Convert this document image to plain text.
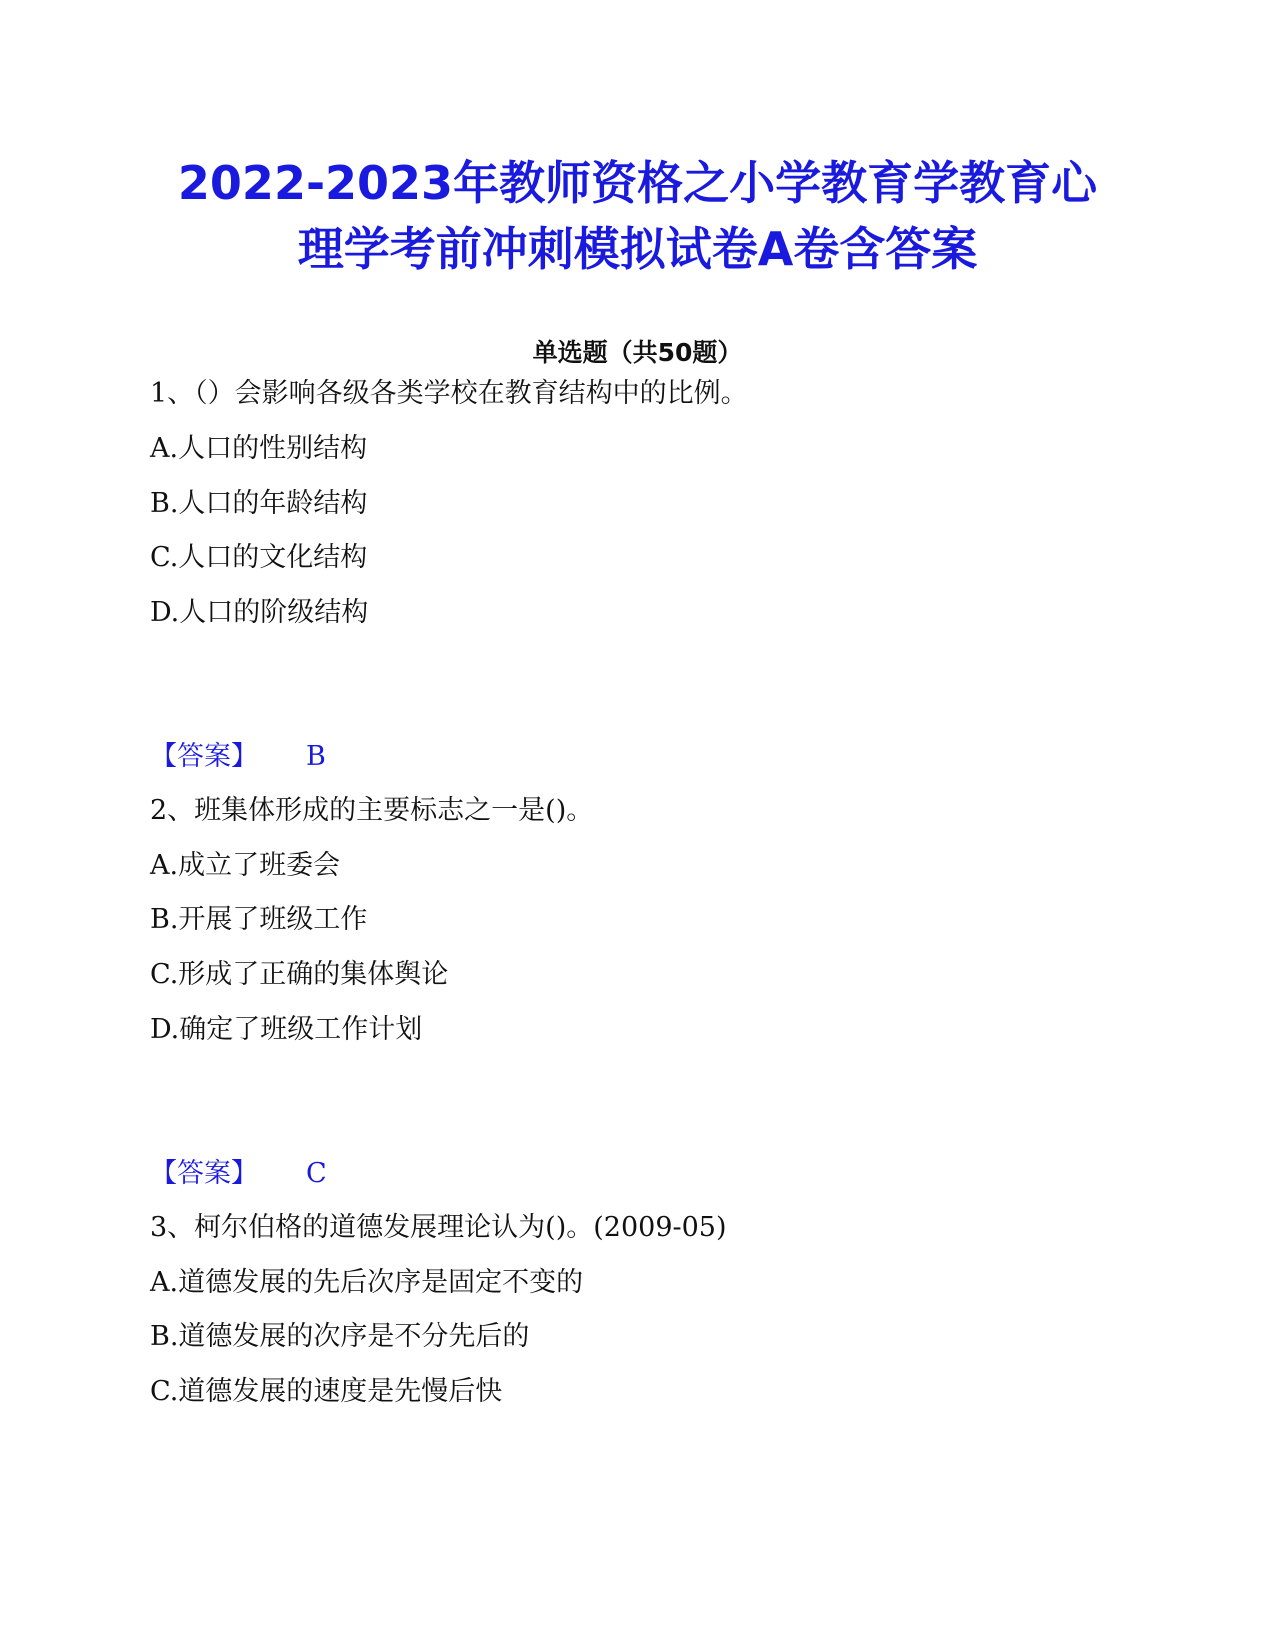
2022-2023年教师资格之小学教育学教育心
理学考前冲刺模拟试卷A卷含答案
单选题（共50题）
1、（）会影响各级各类学校在教育结构中的比例。
A.人口的性别结构
B.人口的年龄结构
C.人口的文化结构
D.人口的阶级结构
【答案】 B
2、班集体形成的主要标志之一是()。
A.成立了班委会
B.开展了班级工作
C.形成了正确的集体舆论
D.确定了班级工作计划
【答案】 C
3、柯尔伯格的道德发展理论认为()。(2009-05)
A.道德发展的先后次序是固定不变的
B.道德发展的次序是不分先后的
C.道德发展的速度是先慢后快
